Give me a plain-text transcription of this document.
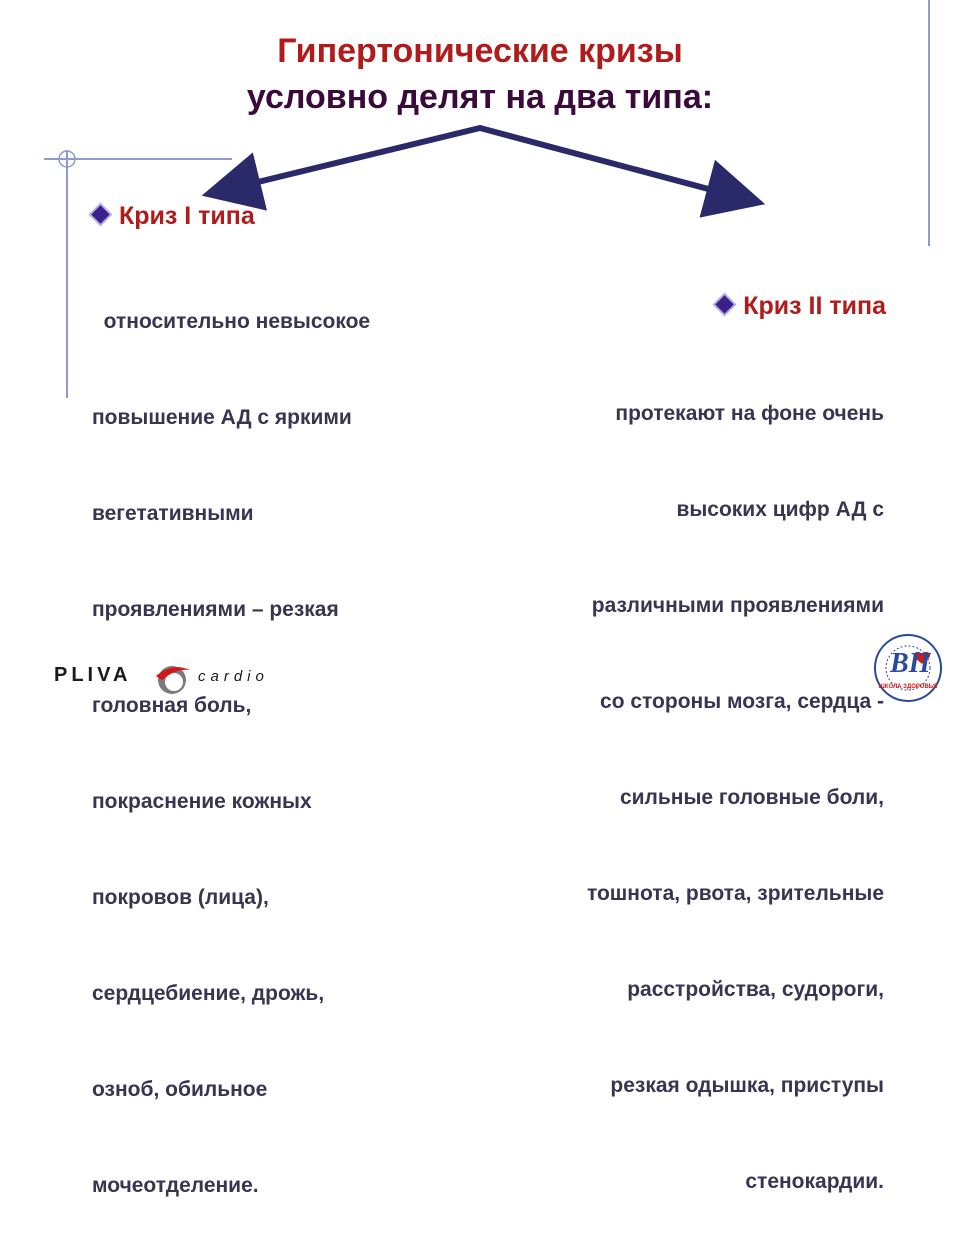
Гипертонические кризы
условно делят на два типа:
Криз I типа

относительно невысокое

повышение АД с яркими

вегетативными

проявлениями – резкая

головная боль,

покраснение кожных

покровов (лица),

сердцебиение, дрожь,

озноб, обильное

мочеотделение.

Криз II типа

протекают на фоне очень

высоких цифр АД с

различными проявлениями

со стороны мозга, сердца -

сильные головные боли,

тошнота, рвота, зрительные

расстройства, судороги,

резкая одышка, приступы

стенокардии.

PLIVA	cardio	ВП
ШКОЛА ЗДОРОВЬЯ
